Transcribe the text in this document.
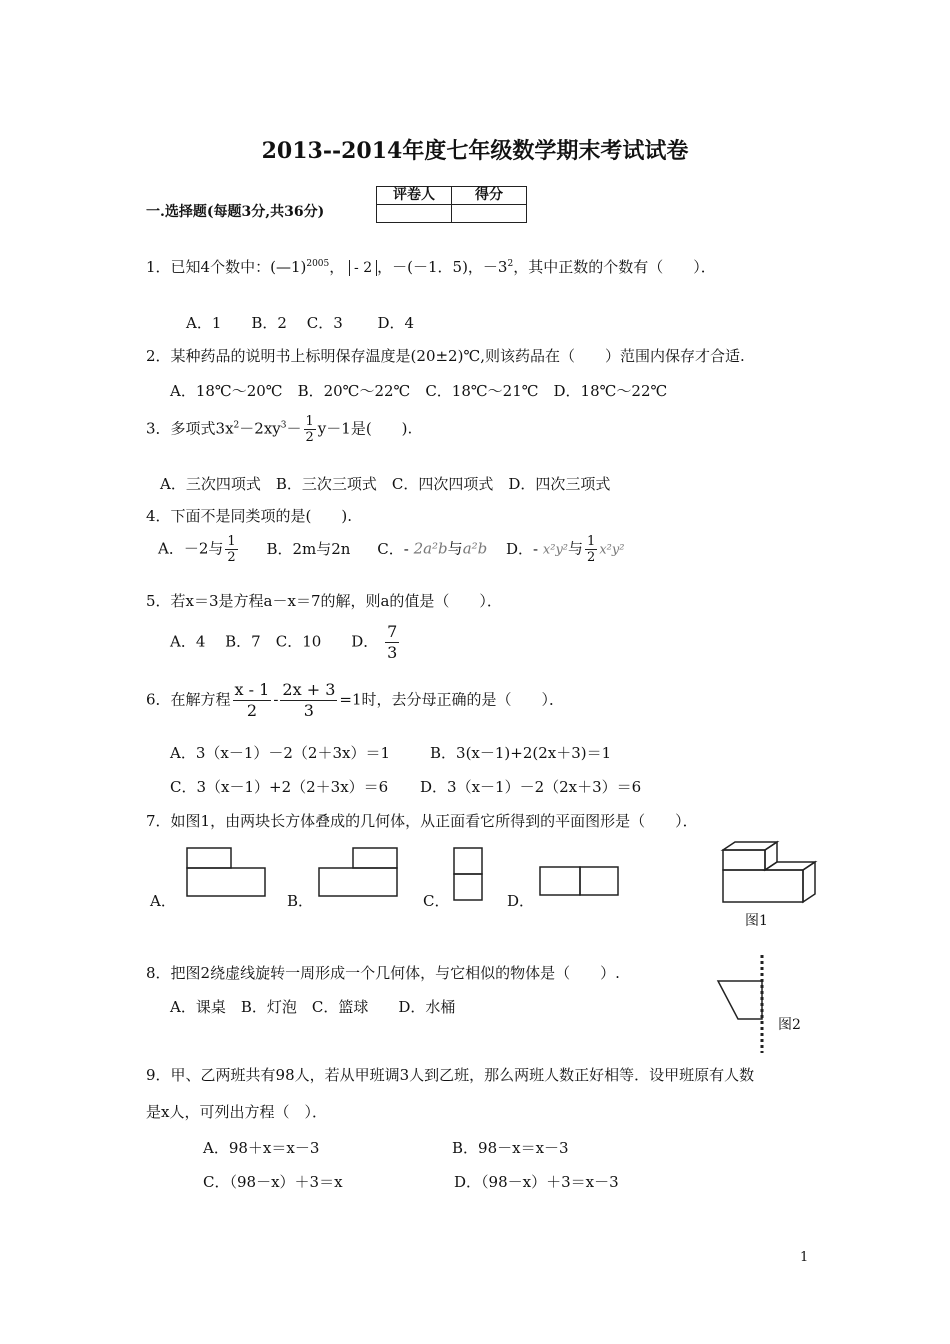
2013--2014年度七年级数学期末考试试卷
一.选择题(每题3分,共36分)
评卷人	得分

1．已知4个数中：(—1)$^{2005}$， - 2 ，－(－1．5)，$-3^2$，其中正数的个数有（　　）．
A．1　　B．2　 C．3　　 D．4
2．某种药品的说明书上标明保存温度是(20±2)℃,则该药品在（　　）范围内保存才合适.
A．18℃～20℃　B．20℃～22℃　C．18℃～21℃　D．18℃～22℃
3．多项式$3x^2-2xy^3- \frac{1}{2} y-1$是(　　).
A．三次四项式　B．三次三项式　C．四次四项式　D．四次三项式
4．下面不是同类项的是(　　).
A．－2与 $\frac{1}{2}$ B．2m与2n C．- 2a²b与a²b D．- x²y²与 $\frac{1}{2} x^2y^2$
5．若x＝3是方程a－x＝7的解，则a的值是（　　）．
A．4　 B．7　C．10　　D． $\frac{7}{3}$
6．在解方程 $\frac{x - 1}{2} - \frac{2x + 3}{3} =1$时，去分母正确的是（　　）．
A．3（x－1）－2（2＋3x）＝1	B．3(x－1)+2(2x＋3)＝1
C．3（x－1）+2（2＋3x）＝6 D．3（x－1）－2（2x＋3）＝6
7．如图1，由两块长方体叠成的几何体，从正面看它所得到的平面图形是（　　）．
A．	B．	C．	D．
图1
8．把图2绕虚线旋转一周形成一个几何体，与它相似的物体是（　　）.
A．课桌　B．灯泡　C．篮球　　D．水桶
图2
9．甲、乙两班共有98人，若从甲班调3人到乙班，那么两班人数正好相等．设甲班原有人数
是x人，可列出方程（　）．
A．98＋x＝x－3	B．98－x＝x－3
C．（98－x）＋3＝x	D．（98－x）＋3＝x－3
1
